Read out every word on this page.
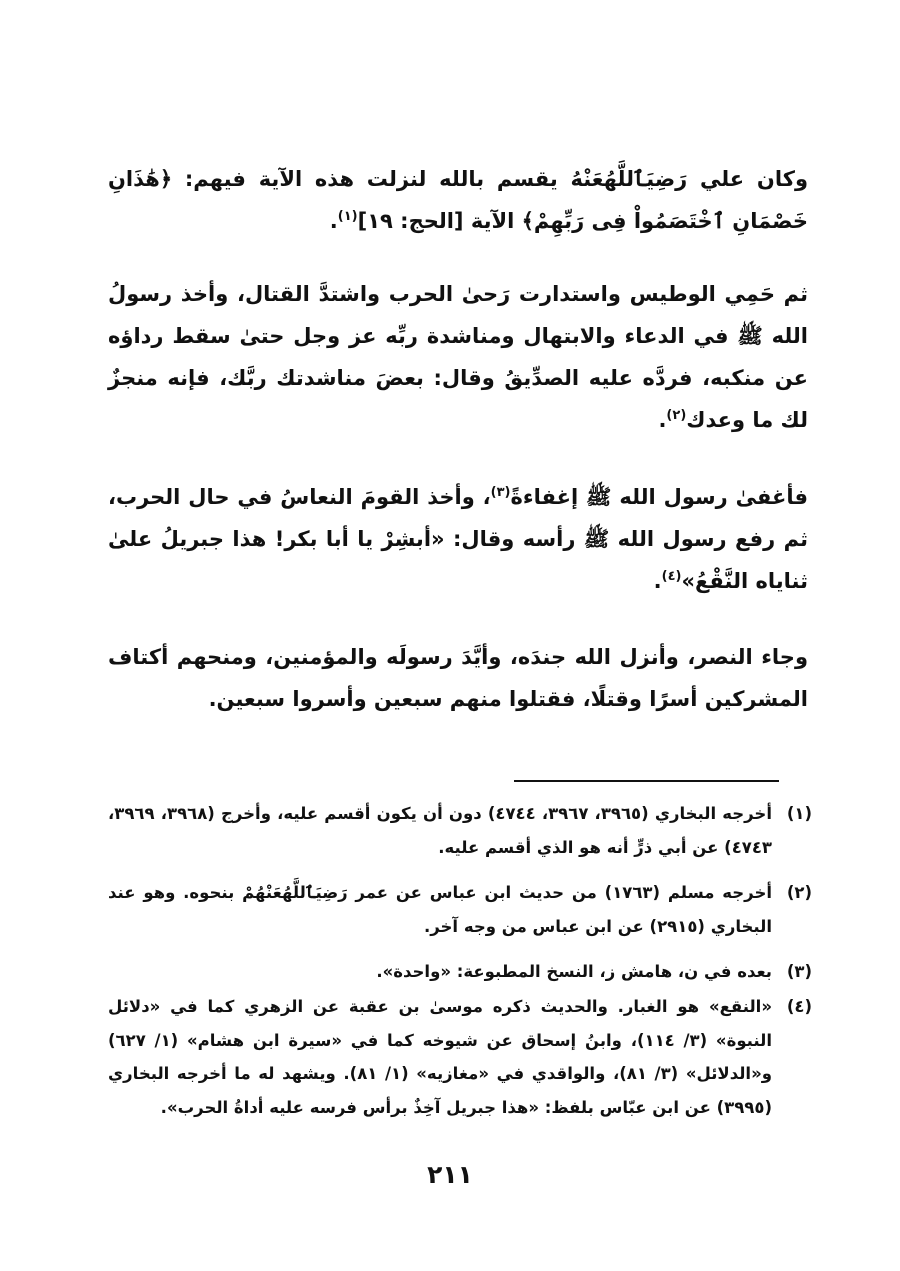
وكان علي رَضِيَٱللَّهُعَنْهُ يقسم بالله لنزلت هذه الآية فيهم: ﴿هَٰذَانِ خَصْمَانِ ٱخْتَصَمُواْ فِى رَبِّهِمْ﴾ الآية [الحج: ١٩]$^{(١)}$.

ثم حَمِي الوطيس واستدارت رَحىٰ الحرب واشتدَّ القتال، وأخذ رسولُ الله ﷺ في الدعاء والابتهال ومناشدة ربِّه عز وجل حتىٰ سقط رداؤه عن منكبه، فردَّه عليه الصدِّيقُ وقال: بعضَ مناشدتك ربَّك، فإنه منجزٌ لك ما وعدك$^{(٢)}$.

فأغفىٰ رسول الله ﷺ إغفاءةً$^{(٣)}$، وأخذ القومَ النعاسُ في حال الحرب، ثم رفع رسول الله ﷺ رأسه وقال: «أبشِرْ يا أبا بكر! هذا جبريلُ علىٰ ثناياه النَّقْعُ»$^{(٤)}$.

وجاء النصر، وأنزل الله جندَه، وأيَّدَ رسولَه والمؤمنين، ومنحهم أكتاف المشركين أسرًا وقتلًا، فقتلوا منهم سبعين وأسروا سبعين.

(١)
أخرجه البخاري (٣٩٦٥، ٣٩٦٧، ٤٧٤٤) دون أن يكون أقسم عليه، وأخرج (٣٩٦٨، ٣٩٦٩، ٤٧٤٣) عن أبي ذرٍّ أنه هو الذي أقسم عليه.

(٢)
أخرجه مسلم (١٧٦٣) من حديث ابن عباس عن عمر رَضِيَٱللَّهُعَنْهُمْ بنحوه. وهو عند البخاري (٢٩١٥) عن ابن عباس من وجه آخر.

(٣)
بعده في ن، هامش ز، النسخ المطبوعة: «واحدة».

(٤)
«النقع» هو الغبار. والحديث ذكره موسىٰ بن عقبة عن الزهري كما في «دلائل النبوة» (٣/ ١١٤)، وابنُ إسحاق عن شيوخه كما في «سيرة ابن هشام» (١/ ٦٢٧) و«الدلائل» (٣/ ٨١)، والواقدي في «مغازيه» (١/ ٨١). ويشهد له ما أخرجه البخاري (٣٩٩٥) عن ابن عبّاس بلفظ: «هذا جبريل آخِذٌ برأس فرسه عليه أداةُ الحرب».

٢١١
